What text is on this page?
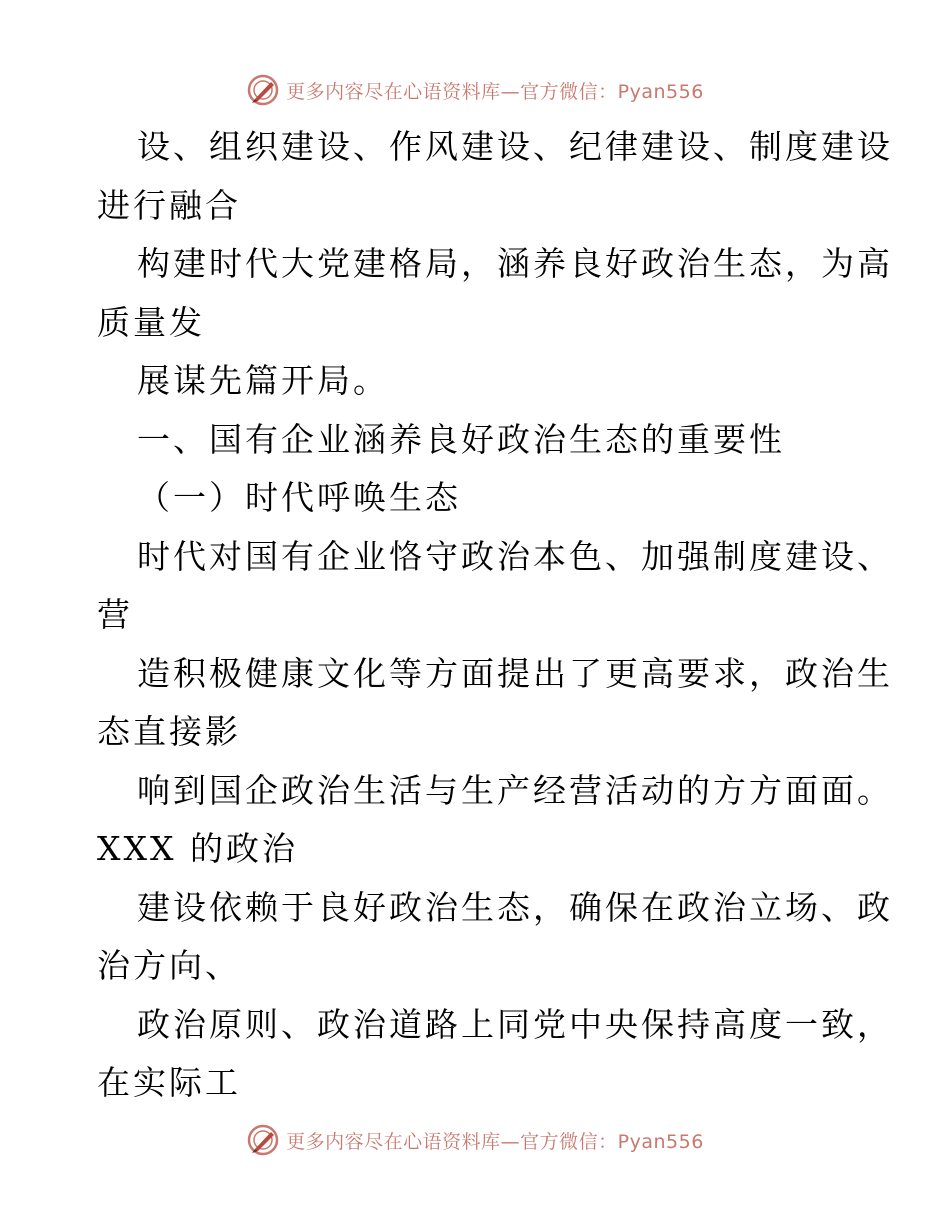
更多内容尽在心语资料库—官方微信：Pyan556
设、组织建设、作风建设、纪律建设、制度建设
进行融合
构建时代大党建格局，涵养良好政治生态，为高
质量发
展谋先篇开局。
一、国有企业涵养良好政治生态的重要性
（一）时代呼唤生态
时代对国有企业恪守政治本色、加强制度建设、
营
造积极健康文化等方面提出了更高要求，政治生
态直接影
响到国企政治生活与生产经营活动的方方面面。
XXX 的政治
建设依赖于良好政治生态，确保在政治立场、政
治方向、
政治原则、政治道路上同党中央保持高度一致，
在实际工
更多内容尽在心语资料库—官方微信：Pyan556
